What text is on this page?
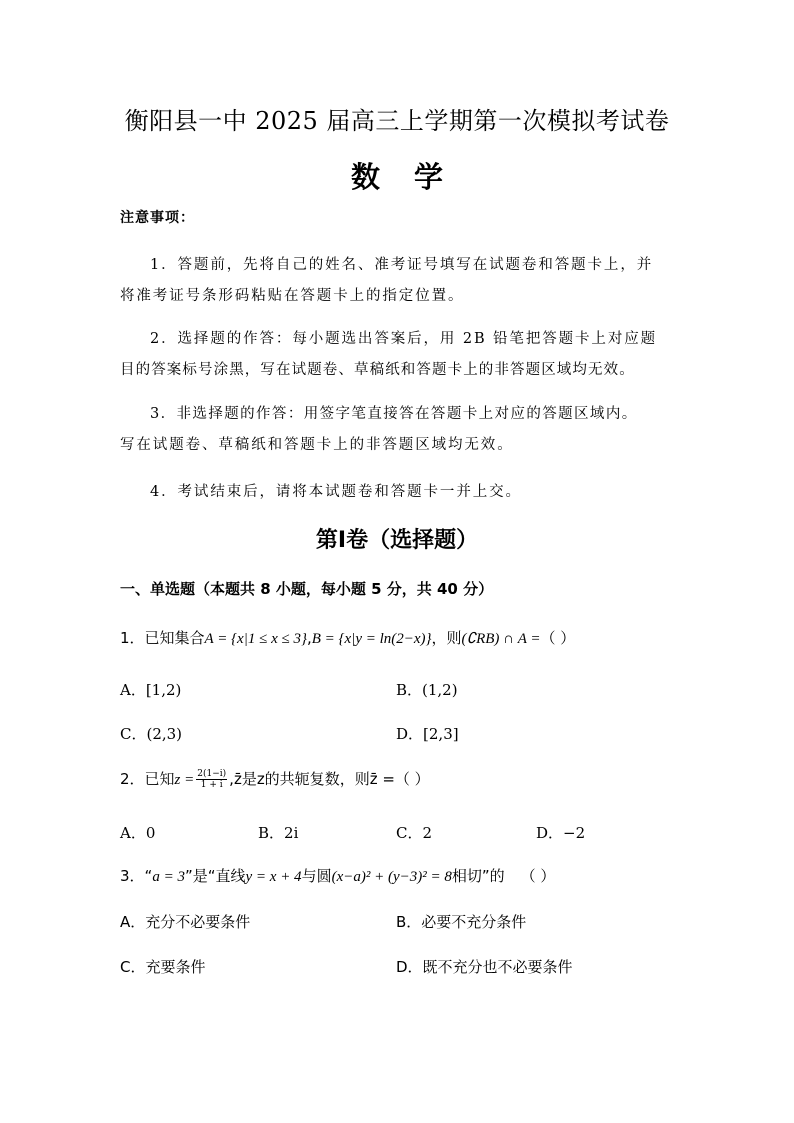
衡阳县一中 2025 届高三上学期第一次模拟考试卷
数学
注意事项：
1．答题前，先将自己的姓名、准考证号填写在试题卷和答题卡上，并
将准考证号条形码粘贴在答题卡上的指定位置。
2．选择题的作答：每小题选出答案后，用 2B 铅笔把答题卡上对应题
目的答案标号涂黑，写在试题卷、草稿纸和答题卡上的非答题区域均无效。
3．非选择题的作答：用签字笔直接答在答题卡上对应的答题区域内。
写在试题卷、草稿纸和答题卡上的非答题区域均无效。
4．考试结束后，请将本试题卷和答题卡一并上交。
第Ⅰ卷（选择题）
一、单选题（本题共 8 小题，每小题 5 分，共 40 分）
1．已知集合A = {x|1 ≤ x ≤ 3},B = {x|y = ln(2−x)}，则(∁RB) ∩ A =（ ）
A．[1,2)	B．(1,2)
C．(2,3)	D．[2,3]
2．已知$z = \frac{2(1-i)}{1 + i}$ ,z̄是z的共轭复数，则z̄ =（ ）
A．0	B．2i	C．2	D．−2
3．“a = 3”是“直线y = x + 4与圆(x−a)² + (y−3)² = 8相切”的 （ ）
A．充分不必要条件	B．必要不充分条件
C．充要条件	D．既不充分也不必要条件
